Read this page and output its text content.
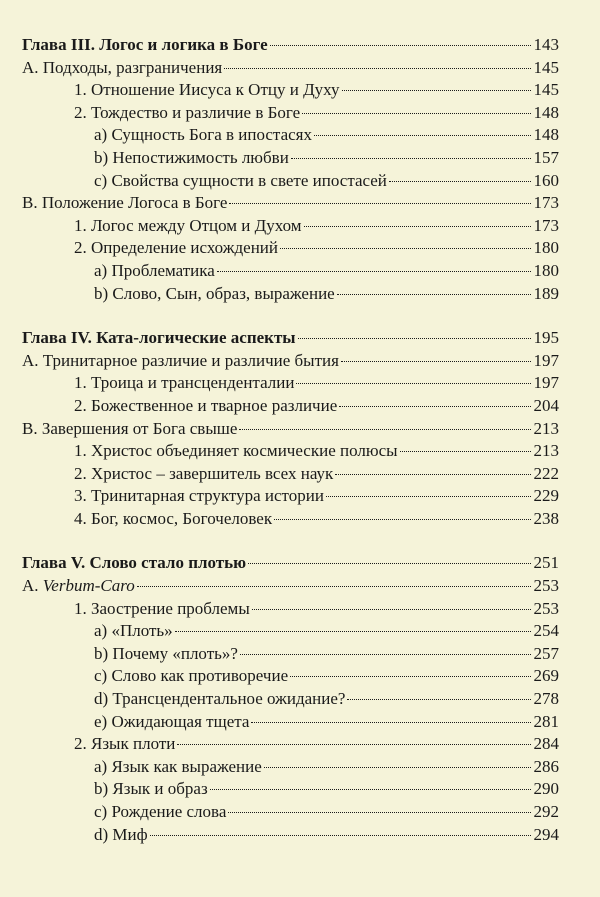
Глава III. Логос и логика в Боге	143
A. Подходы, разграничения	145
1. Отношение Иисуса к Отцу и Духу	145
2. Тождество и различие в Боге	148
a) Сущность Бога в ипостасях	148
b) Непостижимость любви	157
c) Свойства сущности в свете ипостасей	160
B. Положение Логоса в Боге	173
1. Логос между Отцом и Духом	173
2. Определение исхождений	180
a) Проблематика	180
b) Слово, Сын, образ, выражение	189
Глава IV. Ката-логические аспекты	195
A. Тринитарное различие и различие бытия	197
1. Троица и трансценденталии	197
2. Божественное и тварное различие	204
B. Завершения от Бога свыше	213
1. Христос объединяет космические полюсы	213
2. Христос – завершитель всех наук	222
3. Тринитарная структура истории	229
4. Бог, космос, Богочеловек	238
Глава V. Слово стало плотью	251
A. Verbum-Caro	253
1. Заострение проблемы	253
a) «Плоть»	254
b) Почему «плоть»?	257
c) Слово как противоречие	269
d) Трансцендентальное ожидание?	278
e) Ожидающая тщета	281
2. Язык плоти	284
a) Язык как выражение	286
b) Язык и образ	290
c) Рождение слова	292
d) Миф	294
